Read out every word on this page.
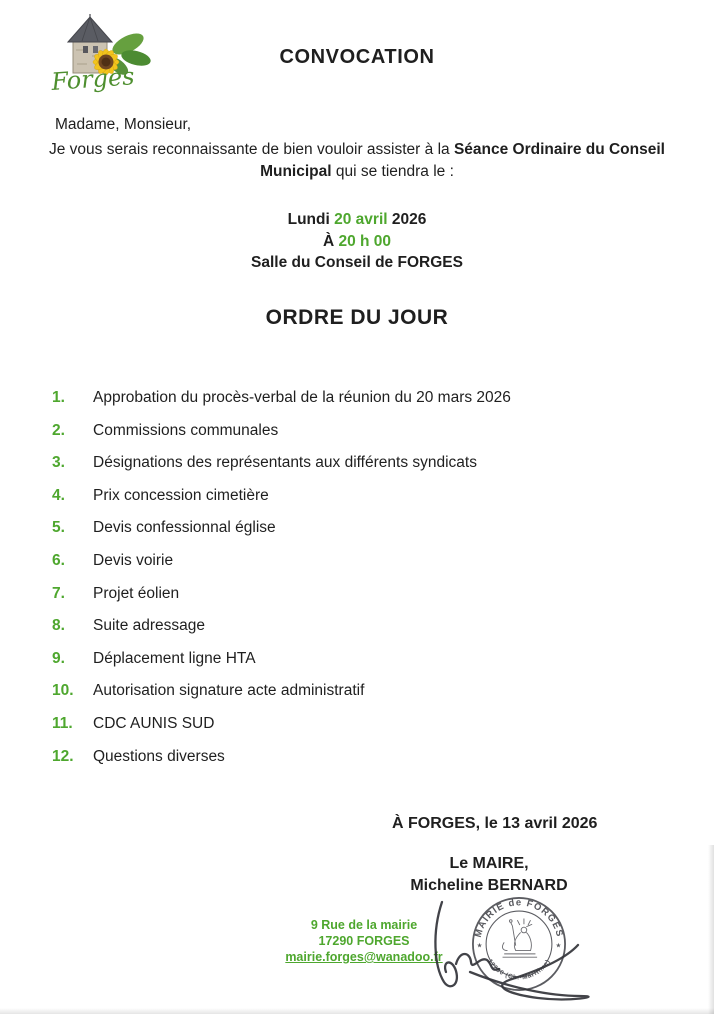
Forges
CONVOCATION
Madame, Monsieur,
Je vous serais reconnaissante de bien vouloir assister à la Séance Ordinaire du Conseil
Municipal qui se tiendra le :
Lundi 20 avril 2026
À 20 h 00
Salle du Conseil de FORGES
ORDRE DU JOUR
1.	Approbation du procès-verbal de la réunion du 20 mars 2026
2.	Commissions communales
3.	Désignations des représentants aux différents syndicats
4.	Prix concession cimetière
5.	Devis confessionnal église
6.	Devis voirie
7.	Projet éolien
8.	Suite adressage
9.	Déplacement ligne HTA
10.	Autorisation signature acte administratif
11.	CDC AUNIS SUD
12.	Questions diverses
À FORGES, le 13 avril 2026
Le MAIRE,
Micheline BERNARD
9 Rue de la mairie
17290 FORGES
mairie.forges@wanadoo.fr
MAIRIE de FORGES
17290 (Ch.-Maritime)
★	★
